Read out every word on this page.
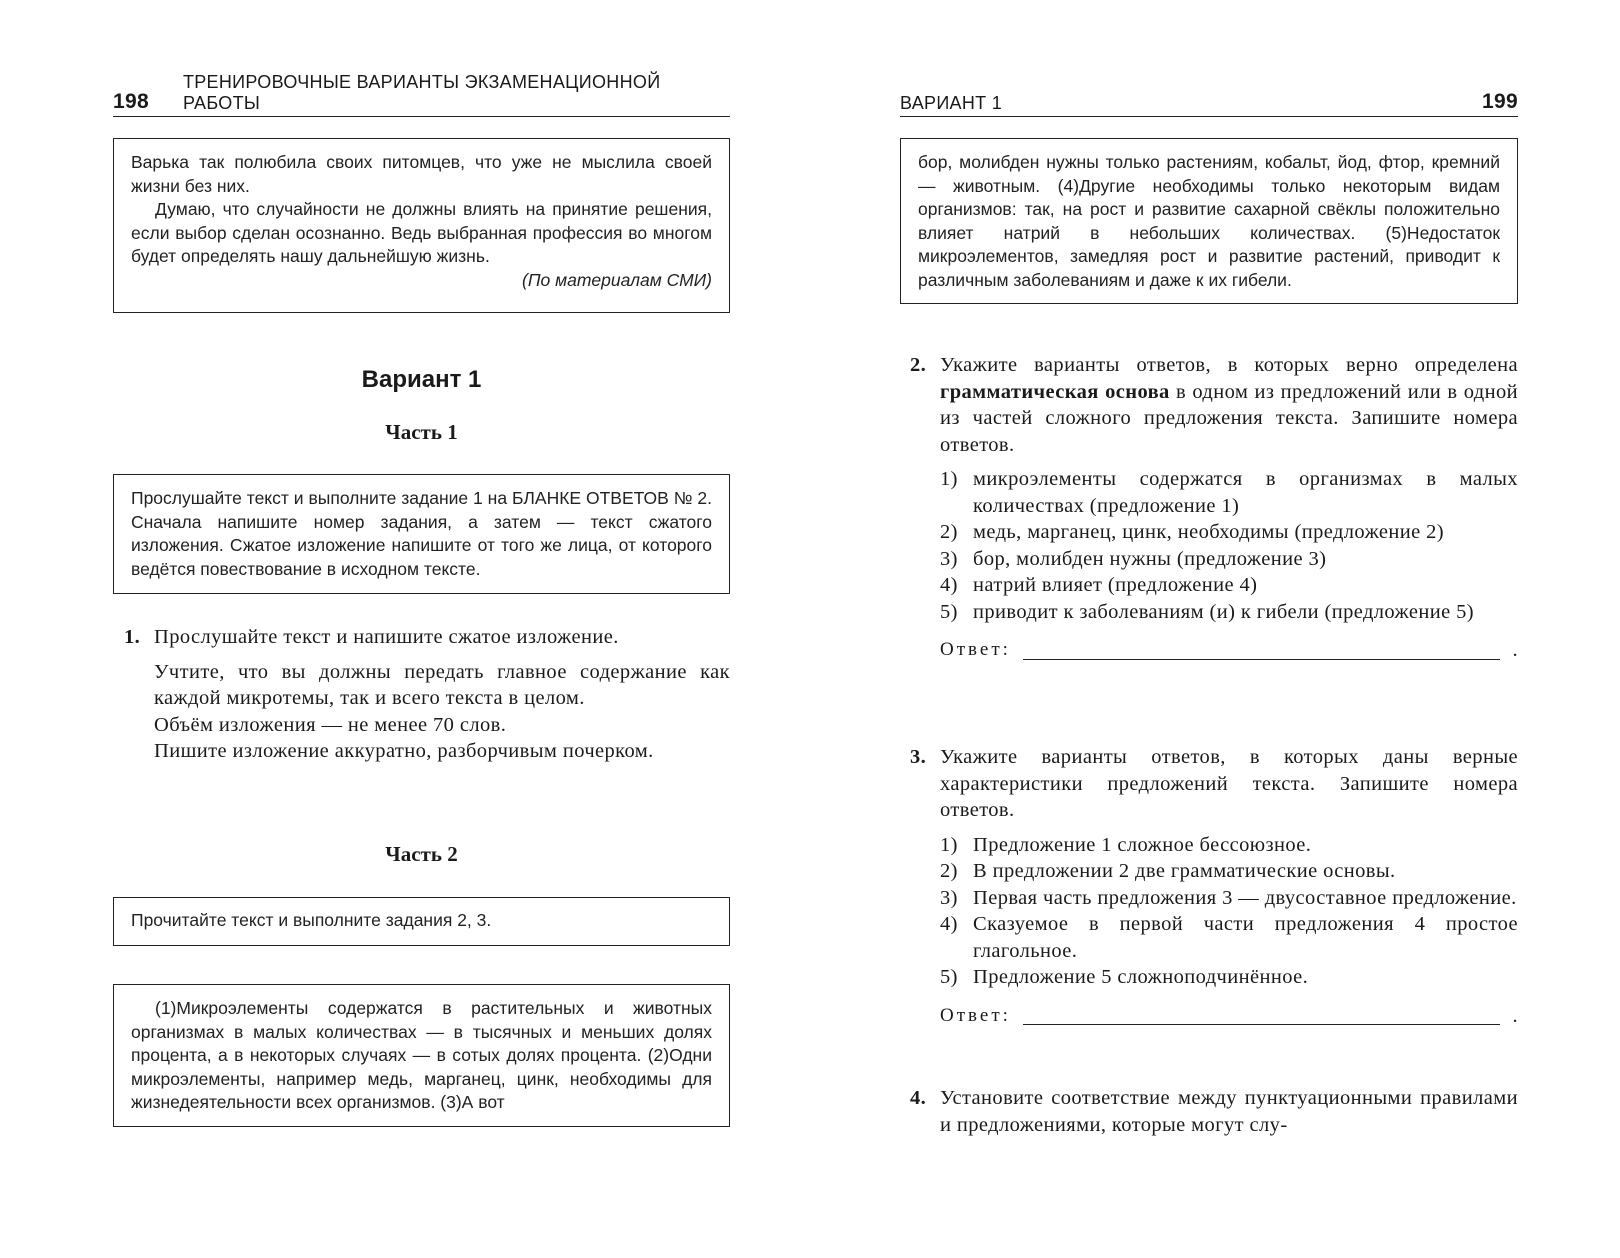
198
ТРЕНИРОВОЧНЫЕ ВАРИАНТЫ ЭКЗАМЕНАЦИОННОЙ РАБОТЫ

Варька так полюбила своих питомцев, что уже не мыслила своей жизни без них.

Думаю, что случайности не должны влиять на принятие решения, если выбор сделан осознанно. Ведь выбранная профессия во многом будет определять нашу дальнейшую жизнь.

(По материалам СМИ)

Вариант 1
Часть 1

Прослушайте текст и выполните задание 1 на БЛАНКЕ ОТВЕТОВ № 2. Сначала напишите номер задания, а затем — текст сжатого изложения. Сжатое изложение напишите от того же лица, от которого ведётся повествование в исходном тексте.

1. Прослушайте текст и напишите сжатое изложение.

Учтите, что вы должны передать главное содержание как каждой микротемы, так и всего текста в целом.

Объём изложения — не менее 70 слов.

Пишите изложение аккуратно, разборчивым почерком.

Часть 2

Прочитайте текст и выполните задания 2, 3.

(1)Микроэлементы содержатся в растительных и животных организмах в малых количествах — в тысячных и меньших долях процента, а в некоторых случаях — в сотых долях процента. (2)Одни микроэлементы, например медь, марганец, цинк, необходимы для жизнедеятельности всех организмов. (3)А вот

ВАРИАНТ 1	199

бор, молибден нужны только растениям, кобальт, йод, фтор, кремний — животным. (4)Другие необходимы только некоторым видам организмов: так, на рост и развитие сахарной свёклы положительно влияет натрий в небольших количествах. (5)Недостаток микроэлементов, замедляя рост и развитие растений, приводит к различным заболеваниям и даже к их гибели.

2. Укажите варианты ответов, в которых верно определена грамматическая основа в одном из предложений или в одной из частей сложного предложения текста. Запишите номера ответов.

1) микроэлементы содержатся в организмах в малых количествах (предложение 1)
2) медь, марганец, цинк, необходимы (предложение 2)
3) бор, молибден нужны (предложение 3)
4) натрий влияет (предложение 4)
5) приводит к заболеваниям (и) к гибели (предложение 5)
Ответ:	.
3. Укажите варианты ответов, в которых даны верные характеристики предложений текста. Запишите номера ответов.

1) Предложение 1 сложное бессоюзное.
2) В предложении 2 две грамматические основы.
3) Первая часть предложения 3 — двусоставное предложение.
4) Сказуемое в первой части предложения 4 простое глагольное.
5) Предложение 5 сложноподчинённое.
Ответ:	.
4. Установите соответствие между пунктуационными правилами и предложениями, которые могут слу-
